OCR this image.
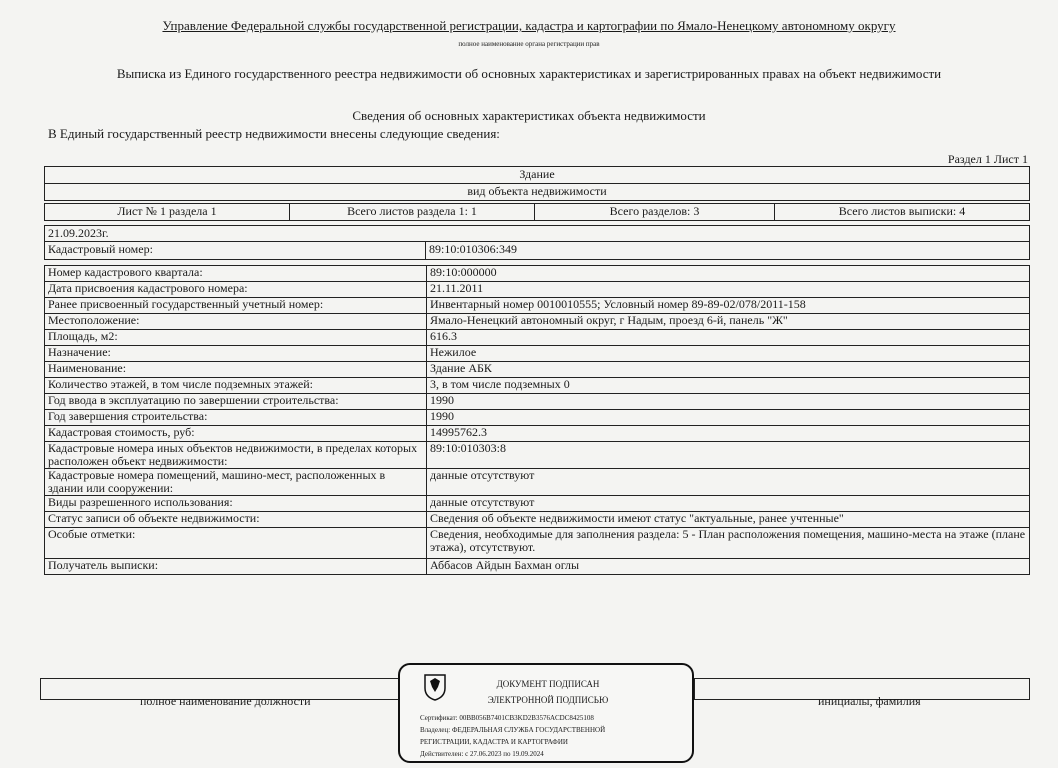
Управление Федеральной службы государственной регистрации, кадастра и картографии по Ямало-Ненецкому автономному округу
полное наименование органа регистрации прав
Выписка из Единого государственного реестра недвижимости об основных характеристиках и зарегистрированных правах на объект недвижимости
Сведения об основных характеристиках объекта недвижимости
В Единый государственный реестр недвижимости внесены следующие сведения:
Раздел 1 Лист 1
Здание
вид объекта недвижимости
Лист № 1 раздела 1	Всего листов раздела 1: 1	Всего разделов: 3	Всего листов выписки: 4
21.09.2023г.
Кадастровый номер:	89:10:010306:349
Номер кадастрового квартала:	89:10:000000
Дата присвоения кадастрового номера:	21.11.2011
Ранее присвоенный государственный учетный номер:	Инвентарный номер 0010010555; Условный номер 89-89-02/078/2011-158
Местоположение:	Ямало-Ненецкий автономный округ, г Надым, проезд 6-й, панель "Ж"
Площадь, м2:	616.3
Назначение:	Нежилое
Наименование:	Здание АБК
Количество этажей, в том числе подземных этажей:	3, в том числе подземных 0
Год ввода в эксплуатацию по завершении строительства:	1990
Год завершения строительства:	1990
Кадастровая стоимость, руб:	14995762.3
Кадастровые номера иных объектов недвижимости, в пределах которых расположен объект недвижимости:	89:10:010303:8
Кадастровые номера помещений, машино-мест, расположенных в здании или сооружении:	данные отсутствуют
Виды разрешенного использования:	данные отсутствуют
Статус записи об объекте недвижимости:	Сведения об объекте недвижимости имеют статус "актуальные, ранее учтенные"
Особые отметки:	Сведения, необходимые для заполнения раздела: 5 - План расположения помещения, машино-места на этаже (плане этажа), отсутствуют.
Получатель выписки:	Аббасов Айдын Бахман оглы
полное наименование должности	инициалы, фамилия
ДОКУМЕНТ ПОДПИСАН
ЭЛЕКТРОННОЙ ПОДПИСЬЮ
Сертификат: 00BB056B7401CB3KD2B3576ACDC8425108
Владелец: ФЕДЕРАЛЬНАЯ СЛУЖБА ГОСУДАРСТВЕННОЙ
РЕГИСТРАЦИИ, КАДАСТРА И КАРТОГРАФИИ
Действителен: с 27.06.2023 по 19.09.2024
